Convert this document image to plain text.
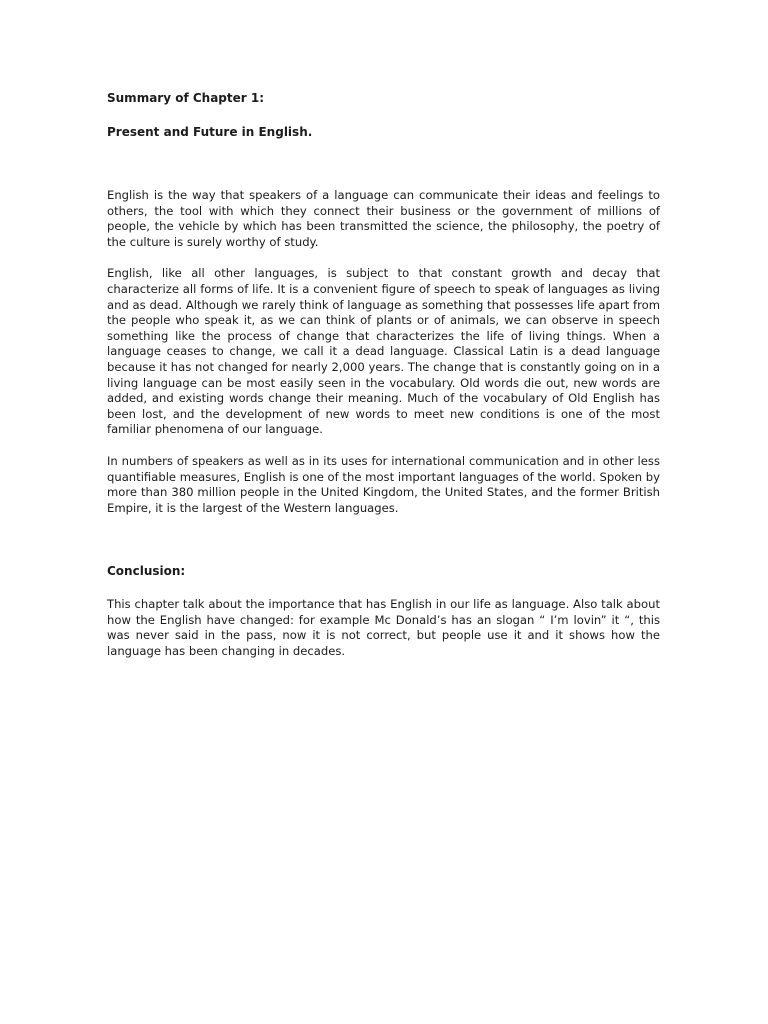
Summary of Chapter 1:

Present and Future in English.

English is the way that speakers of a language can communicate their ideas and feelings to others, the tool with which they connect their business or the government of millions of people, the vehicle by which has been transmitted the science, the philosophy, the poetry of the culture is surely worthy of study.

English, like all other languages, is subject to that constant growth and decay that characterize all forms of life. It is a convenient figure of speech to speak of languages as living and as dead. Although we rarely think of language as something that possesses life apart from the people who speak it, as we can think of plants or of animals, we can observe in speech something like the process of change that characterizes the life of living things. When a language ceases to change, we call it a dead language. Classical Latin is a dead language because it has not changed for nearly 2,000 years. The change that is constantly going on in a living language can be most easily seen in the vocabulary. Old words die out, new words are added, and existing words change their meaning. Much of the vocabulary of Old English has been lost, and the development of new words to meet new conditions is one of the most familiar phenomena of our language.

In numbers of speakers as well as in its uses for international communication and in other less quantifiable measures, English is one of the most important languages of the world. Spoken by more than 380 million people in the United Kingdom, the United States, and the former British Empire, it is the largest of the Western languages.

Conclusion:

This chapter talk about the importance that has English in our life as language. Also talk about how the English have changed: for example Mc Donald’s has an slogan “ I’m lovin” it “, this was never said in the pass, now it is not correct, but people use it and it shows how the language has been changing in decades.
